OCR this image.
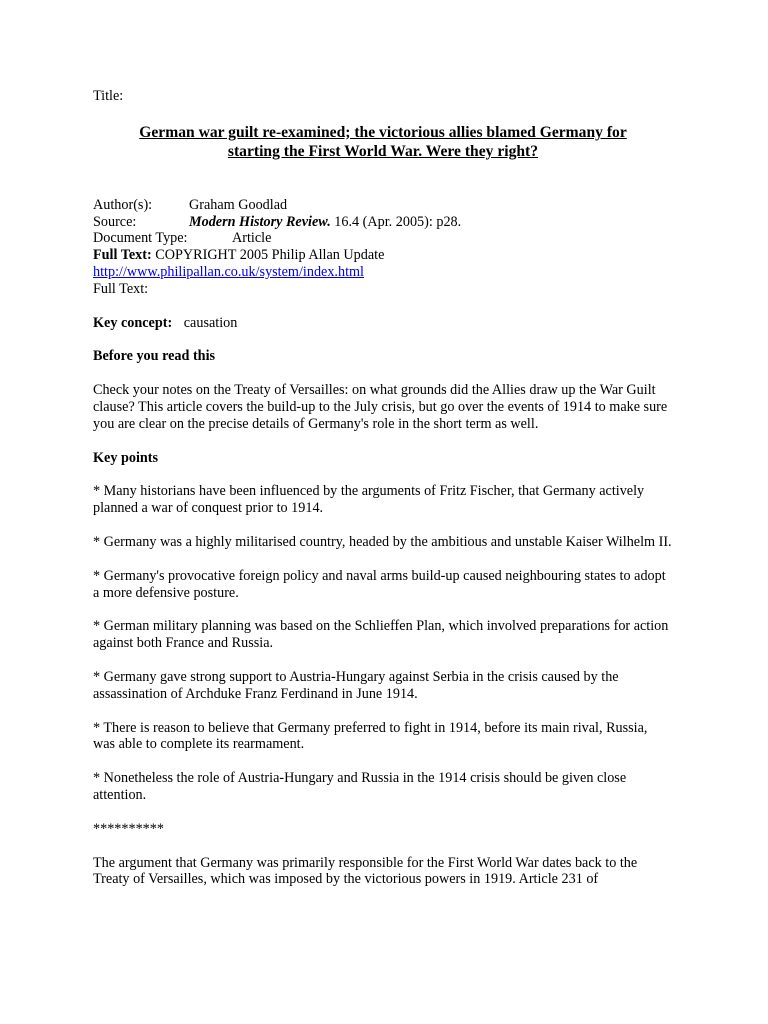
Title:

German war guilt re-examined; the victorious allies blamed Germany for
starting the First World War. Were they right?
Author(s):	Graham Goodlad
Source:	Modern History Review. 16.4 (Apr. 2005): p28.
Document Type:	Article
Full Text: COPYRIGHT 2005 Philip Allan Update
http://www.philipallan.co.uk/system/index.html
Full Text:
Key concept: causation
Before you read this
Check your notes on the Treaty of Versailles: on what grounds did the Allies draw up the War Guilt clause? This article covers the build-up to the July crisis, but go over the events of 1914 to make sure you are clear on the precise details of Germany's role in the short term as well.
Key points
* Many historians have been influenced by the arguments of Fritz Fischer, that Germany actively planned a war of conquest prior to 1914.
* Germany was a highly militarised country, headed by the ambitious and unstable Kaiser Wilhelm II.
* Germany's provocative foreign policy and naval arms build-up caused neighbouring states to adopt a more defensive posture.
* German military planning was based on the Schlieffen Plan, which involved preparations for action against both France and Russia.
* Germany gave strong support to Austria-Hungary against Serbia in the crisis caused by the assassination of Archduke Franz Ferdinand in June 1914.
* There is reason to believe that Germany preferred to fight in 1914, before its main rival, Russia, was able to complete its rearmament.
* Nonetheless the role of Austria-Hungary and Russia in the 1914 crisis should be given close attention.
**********
The argument that Germany was primarily responsible for the First World War dates back to the Treaty of Versailles, which was imposed by the victorious powers in 1919. Article 231 of
